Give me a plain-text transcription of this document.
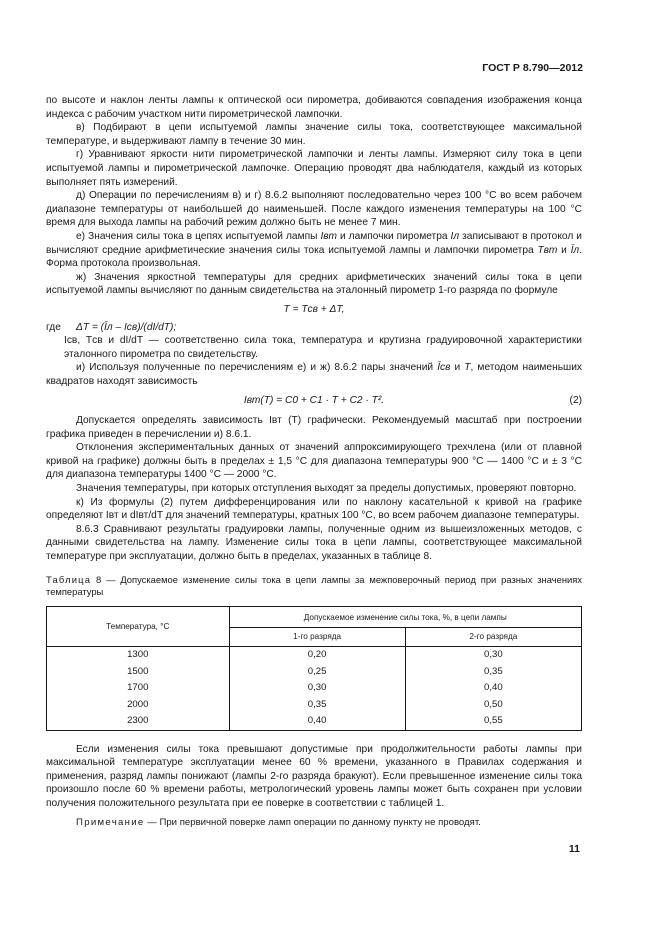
ГОСТ Р 8.790—2012

по высоте и наклон ленты лампы к оптической оси пирометра, добиваются совпадения изображения конца индекса с рабочим участком нити пирометрической лампочки.

в) Подбирают в цепи испытуемой лампы значение силы тока, соответствующее максимальной температуре, и выдерживают лампу в течение 30 мин.

г) Уравнивают яркости нити пирометрической лампочки и ленты лампы. Измеряют силу тока в цепи испытуемой лампы и пирометрической лампочке. Операцию проводят два наблюдателя, каждый из которых выполняет пять измерений.

д) Операции по перечислениям в) и г) 8.6.2 выполняют последовательно через 100 °С во всем рабочем диапазоне температуры от наибольшей до наименьшей. После каждого изменения температуры на 100 °С время для выхода лампы на рабочий режим должно быть не менее 7 мин.

е) Значения силы тока в цепях испытуемой лампы Iвт и лампочки пирометра Iл записывают в протокол и вычисляют средние арифметические значения силы тока испытуемой лампы и лампочки пирометра Tвт и Īл. Форма протокола произвольная.

ж) Значения яркостной температуры для средних арифметических значений силы тока в цепи испытуемой лампы вычисляют по данным свидетельства на эталонный пирометр 1-го разряда по формуле

T = Tсв + ΔT,
где	ΔT = (Īл – Iсв)/(dI/dT);

Iсв, Tсв и dI/dT — соответственно сила тока, температура и крутизна градуировочной характеристики эталонного пирометра по свидетельству.

и) Используя полученные по перечислениям е) и ж) 8.6.2 пары значений Īсв и T, методом наименьших квадратов находят зависимость

Iвт(T) = C0 + C1 · T + C2 · T².	(2)

Допускается определять зависимость Iвт (T) графически. Рекомендуемый масштаб при построении графика приведен в перечислении и) 8.6.1.

Отклонения экспериментальных данных от значений аппроксимирующего трехчлена (или от плавной кривой на графике) должны быть в пределах ± 1,5 °С для диапазона температуры 900 °С — 1400 °С и ± 3 °С для диапазона температуры 1400 °С — 2000 °С.

Значения температуры, при которых отступления выходят за пределы допустимых, проверяют повторно.

к) Из формулы (2) путем дифференцирования или по наклону касательной к кривой на графике определяют Iвт и dIвт/dT для значений температуры, кратных 100 °С, во всем рабочем диапазоне температуры.

8.6.3 Сравнивают результаты градуировки лампы, полученные одним из вышеизложенных методов, с данными свидетельства на лампу. Изменение силы тока в цепи лампы, соответствующее максимальной температуре при эксплуатации, должно быть в пределах, указанных в таблице 8.

Таблица 8 — Допускаемое изменение силы тока в цепи лампы за межповерочный период при разных значениях температуры

Температура, °С	Допускаемое изменение силы тока, %, в цепи лампы	
	1-го разряда	2-го разряда
1300	0,20	0,30
1500	0,25	0,35
1700	0,30	0,40
2000	0,35	0,50
2300	0,40	0,55

Если изменения силы тока превышают допустимые при продолжительности работы лампы при максимальной температуре эксплуатации менее 60 % времени, указанного в Правилах содержания и применения, разряд лампы понижают (лампы 2-го разряда бракуют). Если превышенное изменение силы тока произошло после 60 % времени работы, метрологический уровень лампы может быть сохранен при условии получения положительного результата при ее поверке в соответствии с таблицей 1.

Примечание — При первичной поверке ламп операции по данному пункту не проводят.

11
